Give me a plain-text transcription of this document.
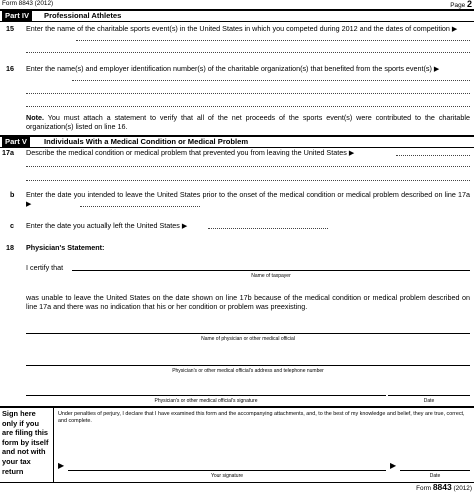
Form 8843 (2012)	Page 2
Part IV	Professional Athletes
15 Enter the name of the charitable sports event(s) in the United States in which you competed during 2012 and the dates of competition ▶
16 Enter the name(s) and employer identification number(s) of the charitable organization(s) that benefited from the sports event(s) ▶
Note. You must attach a statement to verify that all of the net proceeds of the sports event(s) were contributed to the charitable organization(s) listed on line 16.
Part V	Individuals With a Medical Condition or Medical Problem
17a Describe the medical condition or medical problem that prevented you from leaving the United States ▶
b Enter the date you intended to leave the United States prior to the onset of the medical condition or medical problem described on line 17a ▶
c Enter the date you actually left the United States ▶
18 Physician's Statement:
I certify that
Name of taxpayer
was unable to leave the United States on the date shown on line 17b because of the medical condition or medical problem described on line 17a and there was no indication that his or her condition or problem was preexisting.
Name of physician or other medical official
Physician's or other medical official's address and telephone number
Physician's or other medical official's signature	Date
Sign here only if you are filing this form by itself and not with your tax return
Under penalties of perjury, I declare that I have examined this form and the accompanying attachments, and, to the best of my knowledge and belief, they are true, correct, and complete.
▶	▶
Your signature	Date
Form 8843 (2012)
